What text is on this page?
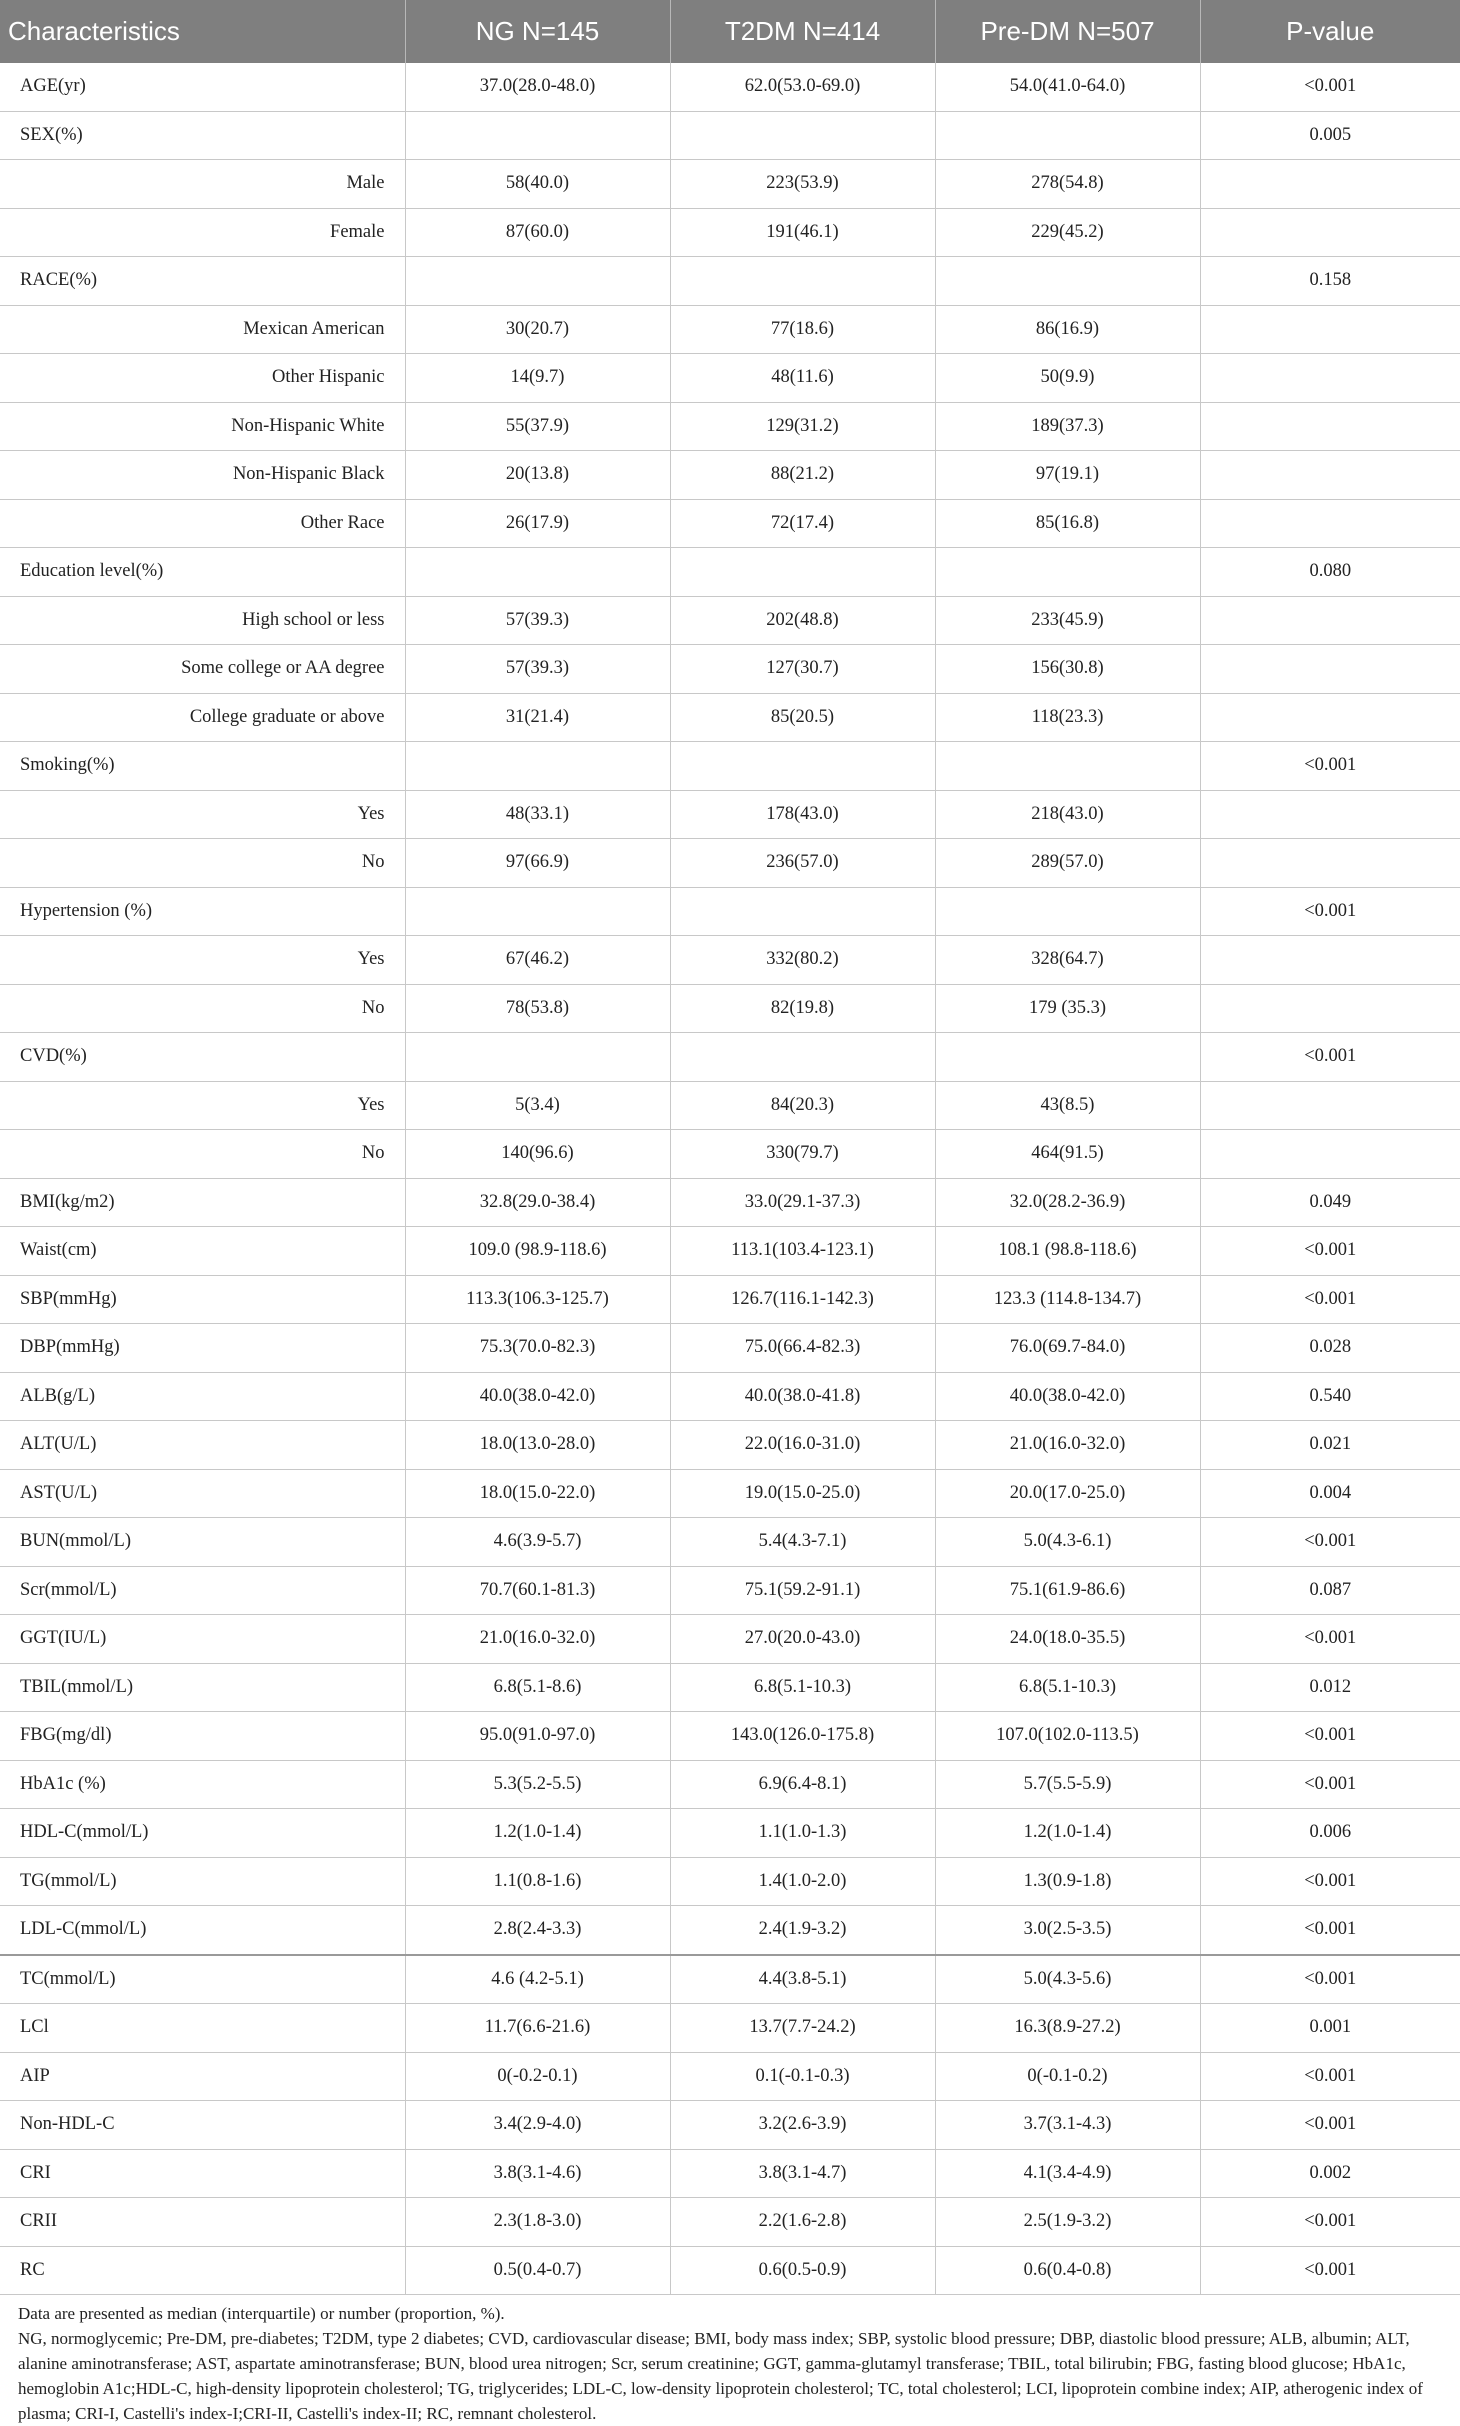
Characteristics	NG N=145	T2DM N=414	Pre-DM N=507	P-value
AGE(yr)	37.0(28.0-48.0)	62.0(53.0-69.0)	54.0(41.0-64.0)	<0.001
SEX(%)				0.005
Male	58(40.0)	223(53.9)	278(54.8)	
Female	87(60.0)	191(46.1)	229(45.2)	
RACE(%)				0.158
Mexican American	30(20.7)	77(18.6)	86(16.9)	
Other Hispanic	14(9.7)	48(11.6)	50(9.9)	
Non-Hispanic White	55(37.9)	129(31.2)	189(37.3)	
Non-Hispanic Black	20(13.8)	88(21.2)	97(19.1)	
Other Race	26(17.9)	72(17.4)	85(16.8)	
Education level(%)				0.080
High school or less	57(39.3)	202(48.8)	233(45.9)	
Some college or AA degree	57(39.3)	127(30.7)	156(30.8)	
College graduate or above	31(21.4)	85(20.5)	118(23.3)	
Smoking(%)				<0.001
Yes	48(33.1)	178(43.0)	218(43.0)	
No	97(66.9)	236(57.0)	289(57.0)	
Hypertension (%)				<0.001
Yes	67(46.2)	332(80.2)	328(64.7)	
No	78(53.8)	82(19.8)	179 (35.3)	
CVD(%)				<0.001
Yes	5(3.4)	84(20.3)	43(8.5)	
No	140(96.6)	330(79.7)	464(91.5)	
BMI(kg/m2)	32.8(29.0-38.4)	33.0(29.1-37.3)	32.0(28.2-36.9)	0.049
Waist(cm)	109.0 (98.9-118.6)	113.1(103.4-123.1)	108.1 (98.8-118.6)	<0.001
SBP(mmHg)	113.3(106.3-125.7)	126.7(116.1-142.3)	123.3 (114.8-134.7)	<0.001
DBP(mmHg)	75.3(70.0-82.3)	75.0(66.4-82.3)	76.0(69.7-84.0)	0.028
ALB(g/L)	40.0(38.0-42.0)	40.0(38.0-41.8)	40.0(38.0-42.0)	0.540
ALT(U/L)	18.0(13.0-28.0)	22.0(16.0-31.0)	21.0(16.0-32.0)	0.021
AST(U/L)	18.0(15.0-22.0)	19.0(15.0-25.0)	20.0(17.0-25.0)	0.004
BUN(mmol/L)	4.6(3.9-5.7)	5.4(4.3-7.1)	5.0(4.3-6.1)	<0.001
Scr(mmol/L)	70.7(60.1-81.3)	75.1(59.2-91.1)	75.1(61.9-86.6)	0.087
GGT(IU/L)	21.0(16.0-32.0)	27.0(20.0-43.0)	24.0(18.0-35.5)	<0.001
TBIL(mmol/L)	6.8(5.1-8.6)	6.8(5.1-10.3)	6.8(5.1-10.3)	0.012
FBG(mg/dl)	95.0(91.0-97.0)	143.0(126.0-175.8)	107.0(102.0-113.5)	<0.001
HbA1c (%)	5.3(5.2-5.5)	6.9(6.4-8.1)	5.7(5.5-5.9)	<0.001
HDL-C(mmol/L)	1.2(1.0-1.4)	1.1(1.0-1.3)	1.2(1.0-1.4)	0.006
TG(mmol/L)	1.1(0.8-1.6)	1.4(1.0-2.0)	1.3(0.9-1.8)	<0.001
LDL-C(mmol/L)	2.8(2.4-3.3)	2.4(1.9-3.2)	3.0(2.5-3.5)	<0.001
TC(mmol/L)	4.6 (4.2-5.1)	4.4(3.8-5.1)	5.0(4.3-5.6)	<0.001
LCl	11.7(6.6-21.6)	13.7(7.7-24.2)	16.3(8.9-27.2)	0.001
AIP	0(-0.2-0.1)	0.1(-0.1-0.3)	0(-0.1-0.2)	<0.001
Non-HDL-C	3.4(2.9-4.0)	3.2(2.6-3.9)	3.7(3.1-4.3)	<0.001
CRI	3.8(3.1-4.6)	3.8(3.1-4.7)	4.1(3.4-4.9)	0.002
CRII	2.3(1.8-3.0)	2.2(1.6-2.8)	2.5(1.9-3.2)	<0.001
RC	0.5(0.4-0.7)	0.6(0.5-0.9)	0.6(0.4-0.8)	<0.001

Data are presented as median (interquartile) or number (proportion, %).

NG, normoglycemic; Pre-DM, pre-diabetes; T2DM, type 2 diabetes; CVD, cardiovascular disease; BMI, body mass index; SBP, systolic blood pressure; DBP, diastolic blood pressure; ALB, albumin; ALT, alanine aminotransferase; AST, aspartate aminotransferase; BUN, blood urea nitrogen; Scr, serum creatinine; GGT, gamma-glutamyl transferase; TBIL, total bilirubin; FBG, fasting blood glucose; HbA1c, hemoglobin A1c;HDL-C, high-density lipoprotein cholesterol; TG, triglycerides; LDL-C, low-density lipoprotein cholesterol; TC, total cholesterol; LCI, lipoprotein combine index; AIP, atherogenic index of plasma; CRI-I, Castelli's index-I;CRI-II, Castelli's index-II; RC, remnant cholesterol.
